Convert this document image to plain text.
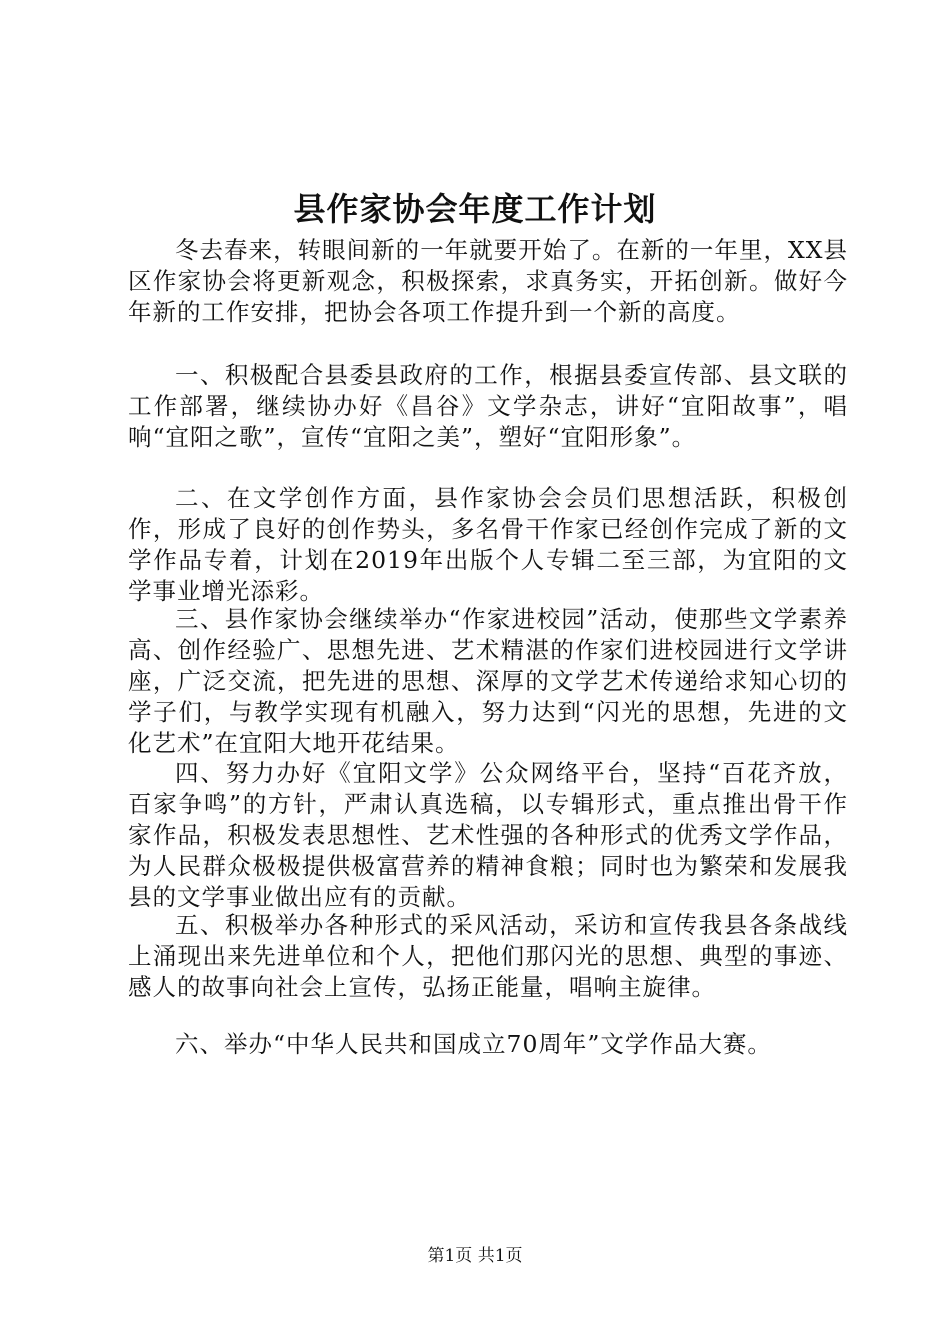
县作家协会年度工作计划

冬去春来，转眼间新的一年就要开始了。在新的一年里，XX县区作家协会将更新观念，积极探索，求真务实，开拓创新。做好今年新的工作安排，把协会各项工作提升到一个新的高度。

一、积极配合县委县政府的工作，根据县委宣传部、县文联的工作部署，继续协办好《昌谷》文学杂志，讲好“宜阳故事”，唱响“宜阳之歌”，宣传“宜阳之美”，塑好“宜阳形象”。

二、在文学创作方面，县作家协会会员们思想活跃，积极创作，形成了良好的创作势头，多名骨干作家已经创作完成了新的文学作品专着，计划在2019年出版个人专辑二至三部，为宜阳的文学事业增光添彩。

三、县作家协会继续举办“作家进校园”活动，使那些文学素养高、创作经验广、思想先进、艺术精湛的作家们进校园进行文学讲座，广泛交流，把先进的思想、深厚的文学艺术传递给求知心切的学子们，与教学实现有机融入，努力达到“闪光的思想，先进的文化艺术”在宜阳大地开花结果。

四、努力办好《宜阳文学》公众网络平台，坚持“百花齐放，百家争鸣”的方针，严肃认真选稿，以专辑形式，重点推出骨干作家作品，积极发表思想性、艺术性强的各种形式的优秀文学作品，为人民群众极极提供极富营养的精神食粮；同时也为繁荣和发展我县的文学事业做出应有的贡献。

五、积极举办各种形式的采风活动，采访和宣传我县各条战线上涌现出来先进单位和个人，把他们那闪光的思想、典型的事迹、感人的故事向社会上宣传，弘扬正能量，唱响主旋律。

六、举办“中华人民共和国成立70周年”文学作品大赛。

第1页 共1页
